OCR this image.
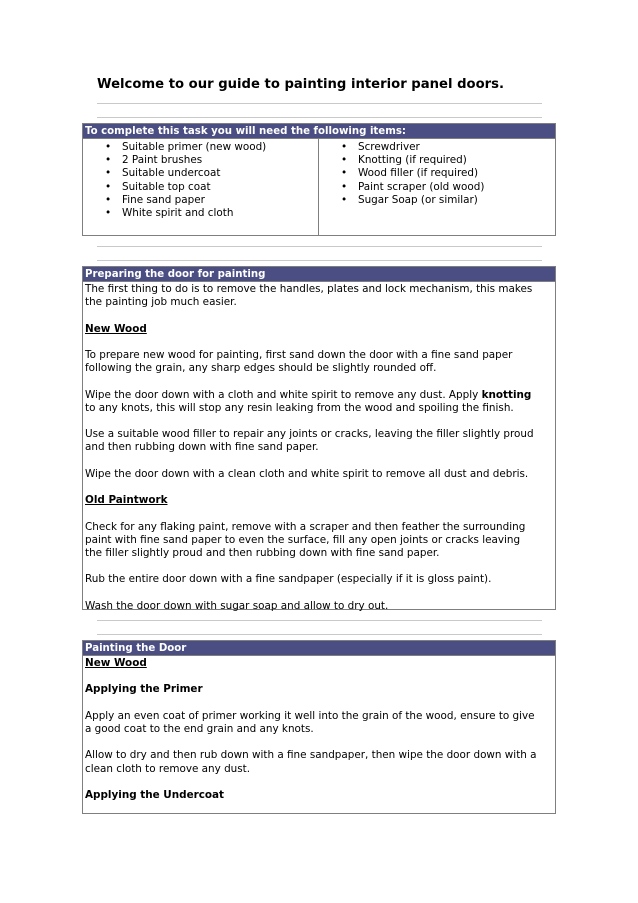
Welcome to our guide to painting interior panel doors.
To complete this task you will need the following items:
• Suitable primer (new wood)
• 2 Paint brushes
• Suitable undercoat
• Suitable top coat
• Fine sand paper
• White spirit and cloth
• Screwdriver
• Knotting (if required)
• Wood filler (if required)
• Paint scraper (old wood)
• Sugar Soap (or similar)
Preparing the door for painting
The first thing to do is to remove the handles, plates and lock mechanism, this makes
the painting job much easier.
New Wood
To prepare new wood for painting, first sand down the door with a fine sand paper
following the grain, any sharp edges should be slightly rounded off.
Wipe the door down with a cloth and white spirit to remove any dust. Apply knotting
to any knots, this will stop any resin leaking from the wood and spoiling the finish.
Use a suitable wood filler to repair any joints or cracks, leaving the filler slightly proud
and then rubbing down with fine sand paper.
Wipe the door down with a clean cloth and white spirit to remove all dust and debris.
Old Paintwork
Check for any flaking paint, remove with a scraper and then feather the surrounding
paint with fine sand paper to even the surface, fill any open joints or cracks leaving
the filler slightly proud and then rubbing down with fine sand paper.
Rub the entire door down with a fine sandpaper (especially if it is gloss paint).
Wash the door down with sugar soap and allow to dry out.
Painting the Door
New Wood
Applying the Primer
Apply an even coat of primer working it well into the grain of the wood, ensure to give
a good coat to the end grain and any knots.
Allow to dry and then rub down with a fine sandpaper, then wipe the door down with a
clean cloth to remove any dust.
Applying the Undercoat
